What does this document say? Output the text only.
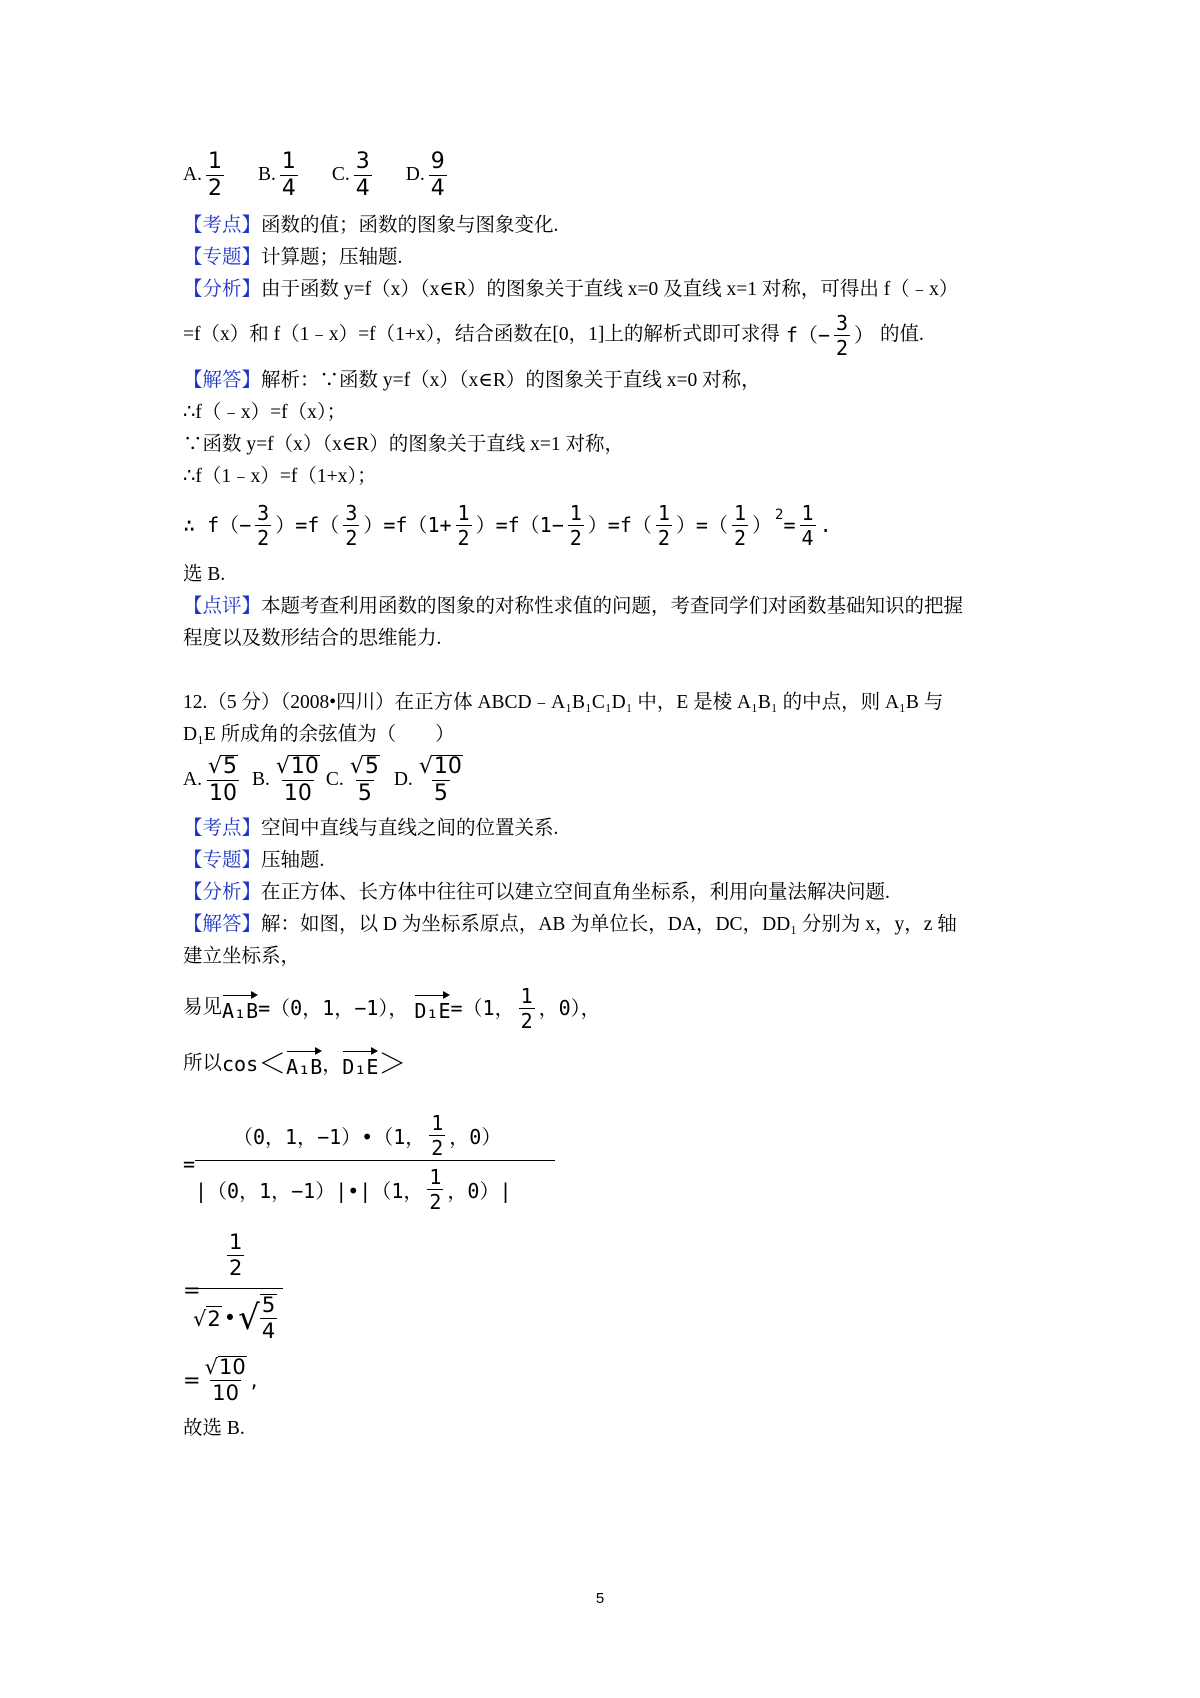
A. $\frac{1}{2} B$. $\frac{1}{4} C$. $\frac{3}{4} D$. $\frac{9}{4}$
【考点】函数的值；函数的图象与图象变化.
【专题】计算题；压轴题.
【分析】由于函数 y=f（x）（x∈R）的图象关于直线 x=0 及直线 x=1 对称，可得出 f（﹣x）
=f（x）和 f（1﹣x）=f（1+x），结合函数在[0，1]上的解析式即可求得 $f(- \frac{3}{2}$ ） 的值.
【解答】解析：∵函数 y=f（x）（x∈R）的图象关于直线 x=0 对称，
∴f（﹣x）=f（x）；
∵函数 y=f（x）（x∈R）的图象关于直线 x=1 对称，
∴f（1﹣x）=f（1+x）；
∴ $f(- \frac{3}{2} )=f( \frac{3}{2} )=f(1+ \frac{1}{2} )=f(1- \frac{1}{2} )=f( \frac{1}{2}$ ）=（ $\frac{1}{2}$ ） $2 = \frac{1}{4}$ .
选 B.
【点评】本题考查利用函数的图象的对称性求值的问题，考查同学们对函数基础知识的把握
程度以及数形结合的思维能力.
12.（5 分）（2008•四川）在正方体 ABCD﹣A₁B₁C₁D₁ 中，E 是棱 A₁B₁ 的中点，则 A₁B 与
D₁E 所成角的余弦值为（　　）
A. $\frac{√ 5}{10} B$. $\frac{√ 10}{10} C$. $\frac{√ 5}{5} D$. $\frac{√ 10}{5}$
【考点】空间中直线与直线之间的位置关系.
【专题】压轴题.
【分析】在正方体、长方体中往往可以建立空间直角坐标系，利用向量法解决问题.
【解答】解：如图，以 D 为坐标系原点，AB 为单位长，DA，DC，DD₁ 分别为 x，y，z 轴
建立坐标系，
易见 A₁B =（0，1，−1）， D₁E =（1， $\frac{1}{2}$ ，0），
所以 cos ＜ A₁B ， D₁E ＞
=
（0，1，−1）•（1， $\frac{1}{2}$ ，0）
|（0，1，−1）|•|（1， $\frac{1}{2}$ ，0）|
=
$\frac{1}{2}$
√ 2 • √ $\frac{5}{4}$
= $\frac{√ 10}{10}$ ,
故选 B.
5
